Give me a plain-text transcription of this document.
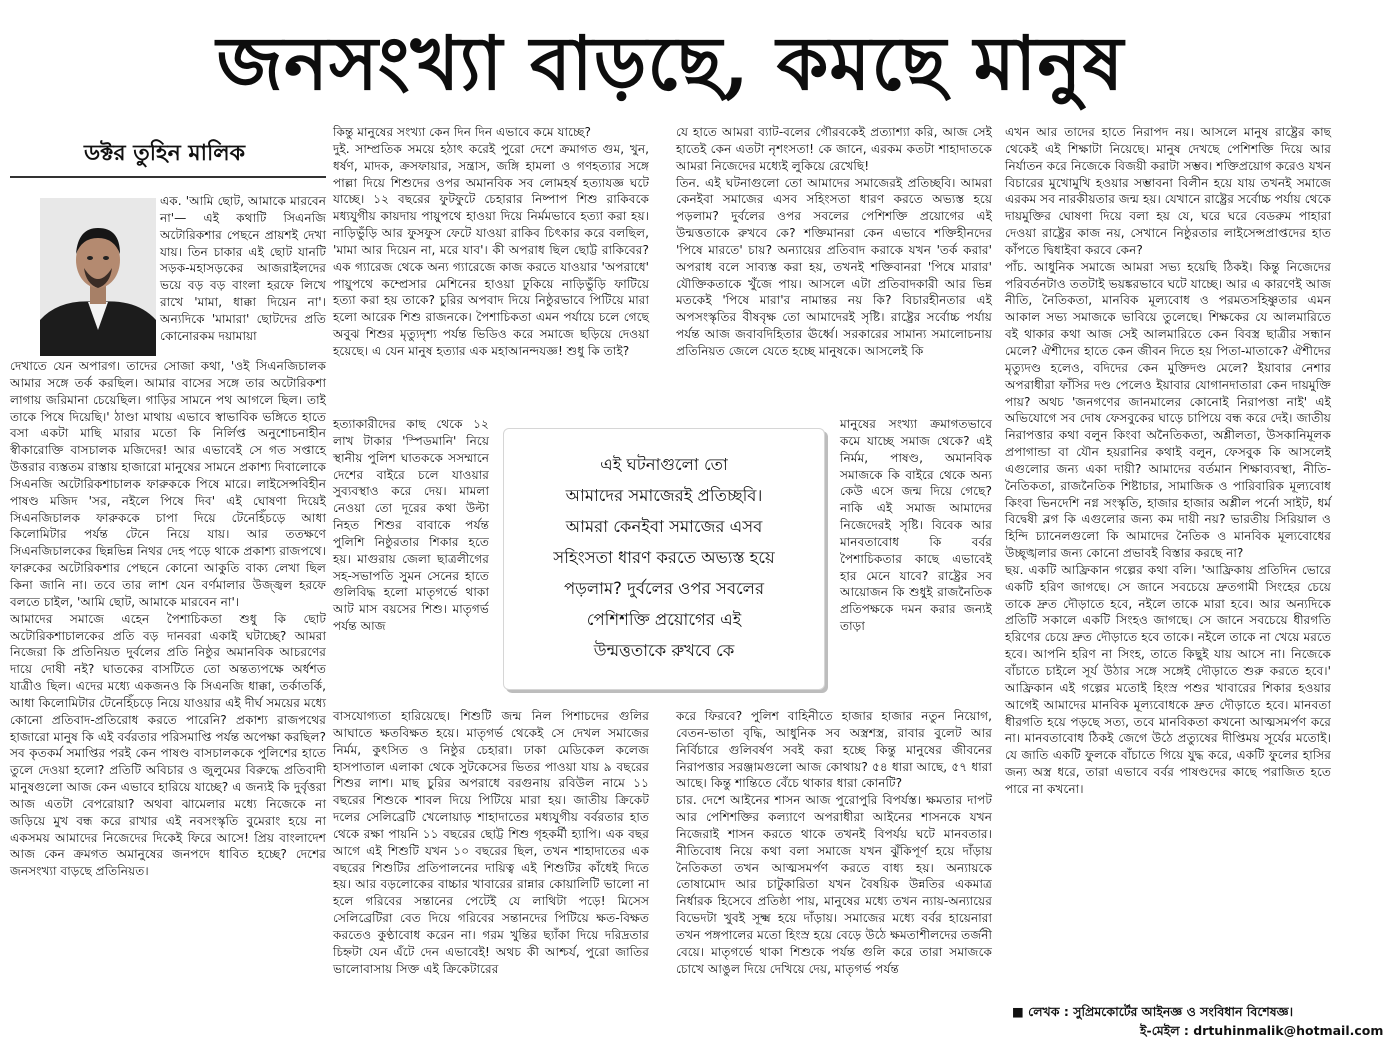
জনসংখ্যা বাড়ছে, কমছে মানুষ
ডক্টর তুহিন মালিক
এক. 'আমি ছোট, আমাকে মারবেন না'— এই কথাটি সিএনজি অটোরিকশার পেছনে প্রায়শই দেখা যায়। তিন চাকার এই ছোট যানটি সড়ক-মহাসড়কের আজরাইলদের ভয়ে বড় বড় বাংলা হরফে লিখে রাখে 'মামা, ধাক্কা দিয়েন না'। অন্যদিকে 'মামারা' ছোটদের প্রতি কোনোরকম দয়ামায়া
দেখাতে যেন অপারগ। তাদের সোজা কথা, 'ওই সিএনজিচালক আমার সঙ্গে তর্ক করছিল। আমার বাসের সঙ্গে তার অটোরিকশা লাগায় জরিমানা চেয়েছিল। গাড়ির সামনে পথ আগলে ছিল। তাই তাকে পিষে দিয়েছি।' ঠাণ্ডা মাথায় এভাবে স্বাভাবিক ভঙ্গিতে হাতে বসা একটা মাছি মারার মতো কি নির্লিপ্ত অনুশোচনাহীন স্বীকারোক্তি বাসচালক মজিদের! আর এভাবেই সে গত সপ্তাহে উত্তরার ব্যস্ততম রাস্তায় হাজারো মানুষের সামনে প্রকাশ্য দিবালোকে সিএনজি অটোরিকশাচালক ফারুককে পিষে মারে। লাইসেন্সবিহীন পাষণ্ড মজিদ 'সর, নইলে পিষে দিব' এই ঘোষণা দিয়েই সিএনজিচালক ফারুককে চাপা দিয়ে টেনেহিঁচড়ে আধা কিলোমিটার পর্যন্ত টেনে নিয়ে যায়। আর ততক্ষণে সিএনজিচালকের ছিন্নভিন্ন নিথর দেহ পড়ে থাকে প্রকাশ্য রাজপথে। ফারুকের অটোরিকশার পেছনে কোনো আকুতি বাক্য লেখা ছিল কিনা জানি না। তবে তার লাশ যেন বর্ণমালার উজ্জ্বল হরফে বলতে চাইল, 'আমি ছোট, আমাকে মারবেন না'।
আমাদের সমাজে এহেন পৈশাচিকতা শুধু কি ছোট অটোরিকশাচালকের প্রতি বড় দানবরা একাই ঘটাচ্ছে? আমরা নিজেরা কি প্রতিনিয়ত দুর্বলের প্রতি নিষ্ঠুর অমানবিক আচরণের দায়ে দোষী নই? ঘাতকের বাসটিতে তো অন্তত্যপক্ষে অর্ধশত যাত্রীও ছিল। এদের মধ্যে একজনও কি সিএনজি ধাক্কা, তর্কাতর্কি, আধা কিলোমিটার টেনেহিঁচড়ে নিয়ে যাওয়ার এই দীর্ঘ সময়ের মধ্যে কোনো প্রতিবাদ-প্রতিরোধ করতে পারেনি? প্রকাশ্য রাজপথের হাজারো মানুষ কি এই বর্বরতার পরিসমাপ্তি পর্যন্ত অপেক্ষা করছিল? সব কৃতকর্ম সমাপ্তির পরই কেন পাষণ্ড বাসচালককে পুলিশের হাতে তুলে দেওয়া হলো? প্রতিটি অবিচার ও জুলুমের বিরুদ্ধে প্রতিবাদী মানুষগুলো আজ কেন এভাবে হারিয়ে যাচ্ছে? এ জন্যই কি দুর্বৃত্তরা আজ এতটা বেপরোয়া? অথবা ঝামেলার মধ্যে নিজেকে না জড়িয়ে মুখ বন্ধ করে রাখার এই নবসংস্কৃতি বুমেরাং হয়ে না একসময় আমাদের নিজেদের দিকেই ফিরে আসে! প্রিয় বাংলাদেশ আজ কেন ক্রমগত অমানুষের জনপদে ধাবিত হচ্ছে? দেশের জনসংখ্যা বাড়ছে প্রতিনিয়ত।
কিন্তু মানুষের সংখ্যা কেন দিন দিন এভাবে কমে যাচ্ছে?
দুই. সাম্প্রতিক সময়ে হঠাৎ করেই পুরো দেশে ক্রমাগত গুম, খুন, ধর্ষণ, মাদক, ক্রসফায়ার, সন্ত্রাস, জঙ্গি হামলা ও গণহত্যার সঙ্গে পাল্লা দিয়ে শিশুদের ওপর অমানবিক সব লোমহর্ষ হত্যাযজ্ঞ ঘটে যাচ্ছে। ১২ বছরের ফুটফুটে চেহারার নিষ্পাপ শিশু রাকিবকে মধ্যযুগীয় কায়দায় পায়ুপথে হাওয়া দিয়ে নির্মমভাবে হত্যা করা হয়। নাড়িভুঁড়ি আর ফুসফুস ফেটে যাওয়া রাকিব চিৎকার করে বলছিল, 'মামা আর দিয়েন না, মরে যাব'। কী অপরাধ ছিল ছোট্ট রাকিবের? এক গ্যারেজ থেকে অন্য গ্যারেজে কাজ করতে যাওয়ার 'অপরাধে' পায়ুপথে কম্প্রেসার মেশিনের হাওয়া ঢুকিয়ে নাড়িভুঁড়ি ফাটিয়ে হত্যা করা হয় তাকে? চুরির অপবাদ দিয়ে নিষ্ঠুরভাবে পিটিয়ে মারা হলো আরেক শিশু রাজনকে। পৈশাচিকতা এমন পর্যায়ে চলে গেছে অবুঝ শিশুর মৃত্যুদৃশ্য পর্যন্ত ভিডিও করে সমাজে ছড়িয়ে দেওয়া হয়েছে। এ যেন মানুষ হত্যার এক মহাআনন্দযজ্ঞ! শুধু কি তাই?
হত্যাকারীদের কাছ থেকে ১২ লাখ টাকার 'স্পিডমানি' নিয়ে স্থানীয় পুলিশ ঘাতককে সসম্মানে দেশের বাইরে চলে যাওয়ার সুব্যবস্থাও করে দেয়। মামলা নেওয়া তো দূরের কথা উল্টা নিহত শিশুর বাবাকে পর্যন্ত পুলিশি নিষ্ঠুরতার শিকার হতে হয়। মাগুরায় জেলা ছাত্রলীগের সহ-সভাপতি সুমন সেনের হাতে গুলিবিদ্ধ হলো মাতৃগর্ভে থাকা আট মাস বয়সের শিশু। মাতৃগর্ভ পর্যন্ত আজ
বাসযোগ্যতা হারিয়েছে। শিশুটি জন্ম নিল পিশাচদের গুলির আঘাতে ক্ষতবিক্ষত হয়ে। মাতৃগর্ভ থেকেই সে দেখল সমাজের নির্মম, কুৎসিত ও নিষ্ঠুর চেহারা। ঢাকা মেডিকেল কলেজ হাসপাতাল এলাকা থেকে সুটকেসের ভিতর পাওয়া যায় ৯ বছরের শিশুর লাশ। মাছ চুরির অপরাধে বরগুনায় রবিউল নামে ১১ বছরের শিশুকে শাবল দিয়ে পিটিয়ে মারা হয়। জাতীয় ক্রিকেট দলের সেলিব্রেটি খেলোয়াড় শাহাদাতের মধ্যযুগীয় বর্বরতার হাত থেকে রক্ষা পায়নি ১১ বছরের ছোট্ট শিশু গৃহকর্মী হ্যাপি। এক বছর আগে এই শিশুটি যখন ১০ বছরের ছিল, তখন শাহাদাতের এক বছরের শিশুটির প্রতিপালনের দায়িত্ব এই শিশুটির কাঁধেই দিতে হয়। আর বড়লোকের বাচ্চার খাবারের রান্নার কোয়ালিটি ভালো না হলে গরিবের সন্তানের পেটেই যে লাথিটা পড়ে! মিসেস সেলিব্রেটিরা বেত দিয়ে গরিবের সন্তানদের পিটিয়ে ক্ষত-বিক্ষত করতেও কুণ্ঠাবোধ করেন না। গরম খুন্তির ছ্যাঁকা দিয়ে দরিদ্রতার চিহ্নটা যেন এঁটে দেন এভাবেই! অথচ কী আশ্চর্য, পুরো জাতির ভালোবাসায় সিক্ত এই ক্রিকেটারের
যে হাতে আমরা ব্যাট-বলের গৌরবকেই প্রত্যাশ্যা করি, আজ সেই হাতেই কেন এতটা নৃশংসতা! কে জানে, এরকম কতটা শাহাদাতকে আমরা নিজেদের মধ্যেই লুকিয়ে রেখেছি!
তিন. এই ঘটনাগুলো তো আমাদের সমাজেরই প্রতিচ্ছবি। আমরা কেনইবা সমাজের এসব সহিংসতা ধারণ করতে অভ্যস্ত হয়ে পড়লাম? দুর্বলের ওপর সবলের পেশিশক্তি প্রয়োগের এই উন্মত্ততাকে রুখবে কে? শক্তিমানরা কেন এভাবে শক্তিহীনদের 'পিষে মারতে' চায়? অন্যায়ের প্রতিবাদ করাকে যখন 'তর্ক করার' অপরাধ বলে সাব্যস্ত করা হয়, তখনই শক্তিবানরা 'পিষে মারার' যৌক্তিকতাকে খুঁজে পায়। আসলে এটা প্রতিবাদকারী আর ভিন্ন মতকেই 'পিষে মারা'র নামান্তর নয় কি? বিচারহীনতার এই অপসংস্কৃতির বীষবৃক্ষ তো আমাদেরই সৃষ্টি। রাষ্ট্রের সর্বোচ্চ পর্যায় পর্যন্ত আজ জবাবদিহিতার ঊর্ধ্বে। সরকারের সামান্য সমালোচনায় প্রতিনিয়ত জেলে যেতে হচ্ছে মানুষকে। আসলেই কি
মানুষের সংখ্যা ক্রমাগতভাবে কমে যাচ্ছে সমাজ থেকে? এই নির্মম, পাষণ্ড, অমানবিক সমাজকে কি বাইরে থেকে অন্য কেউ এসে জন্ম দিয়ে গেছে? নাকি এই সমাজ আমাদের নিজেদেরই সৃষ্টি। বিবেক আর মানবতাবোধ কি বর্বর পৈশাচিকতার কাছে এভাবেই হার মেনে যাবে? রাষ্ট্রের সব আয়োজন কি শুধুই রাজনৈতিক প্রতিপক্ষকে দমন করার জন্যই তাড়া
করে ফিরবে? পুলিশ বাহিনীতে হাজার হাজার নতুন নিয়োগ, বেতন-ভাতা বৃদ্ধি, আধুনিক সব অস্ত্রশস্ত্র, রাবার বুলেট আর নির্বিচারে গুলিবর্ষণ সবই করা হচ্ছে কিন্তু মানুষের জীবনের নিরাপত্তার সরঞ্জামগুলো আজ কোথায়? ৫৪ ধারা আছে, ৫৭ ধারা আছে। কিন্তু শান্তিতে বেঁচে থাকার ধারা কোনটি?
চার. দেশে আইনের শাসন আজ পুরোপুরি বিপর্যস্ত। ক্ষমতার দাপট আর পেশিশক্তির কল্যাণে অপরাধীরা আইনের শাসনকে যখন নিজেরাই শাসন করতে থাকে তখনই বিপর্যয় ঘটে মানবতার। নীতিবোধ নিয়ে কথা বলা সমাজে যখন ঝুঁকিপূর্ণ হয়ে দাঁড়ায় নৈতিকতা তখন আত্মসমর্পণ করতে বাধ্য হয়। অন্যায়কে তোষামোদ আর চাটুকারিতা যখন বৈষয়িক উন্নতির একমাত্র নির্ধারক হিসেবে প্রতিষ্ঠা পায়, মানুষের মধ্যে তখন ন্যায়-অন্যায়ের বিভেদটা খুবই সূক্ষ্ম হয়ে দাঁড়ায়। সমাজের মধ্যে বর্বর হায়েনারা তখন পঙ্গপালের মতো হিংস্র হয়ে বেড়ে উঠে ক্ষমতাশীলদের তর্জনী বেয়ে। মাতৃগর্ভে থাকা শিশুকে পর্যন্ত গুলি করে তারা সমাজকে চোখে আঙুল দিয়ে দেখিয়ে দেয়, মাতৃগর্ভ পর্যন্ত
এখন আর তাদের হাতে নিরাপদ নয়। আসলে মানুষ রাষ্ট্রের কাছ থেকেই এই শিক্ষাটা নিয়েছে। মানুষ দেখছে পেশিশক্তি দিয়ে আর নির্যাতন করে নিজেকে বিজয়ী করাটা সম্ভব। শক্তিপ্রয়োগ করেও যখন বিচারের মুখোমুখি হওয়ার সম্ভাবনা বিলীন হয়ে যায় তখনই সমাজে এরকম সব নারকীয়তার জন্ম হয়। যেখানে রাষ্ট্রের সর্বোচ্চ পর্যায় থেকে দায়মুক্তির ঘোষণা দিয়ে বলা হয় যে, ঘরে ঘরে বেডরুম পাহারা দেওয়া রাষ্ট্রের কাজ নয়, সেখানে নিষ্ঠুরতার লাইসেন্সপ্রাপ্তদের হাত কাঁপতে দ্বিধাইবা করবে কেন?
পাঁচ. আধুনিক সমাজে আমরা সভ্য হয়েছি ঠিকই। কিন্তু নিজেদের পরিবর্তনটাও ততটাই ভয়ঙ্করভাবে ঘটে যাচ্ছে। আর এ কারণেই আজ নীতি, নৈতিকতা, মানবিক মূল্যবোধ ও পরমতসহিষ্ণুতার এমন আকাল সভ্য সমাজকে ভাবিয়ে তুলেছে। শিক্ষকের যে আলমারিতে বই থাকার কথা আজ সেই আলমারিতে কেন বিবস্ত্র ছাত্রীর সন্ধান মেলে? ঐশীদের হাতে কেন জীবন দিতে হয় পিতা-মাতাকে? ঐশীদের মৃত্যুদণ্ড হলেও, বদিদের কেন মুক্তিদণ্ড মেলে? ইয়াবার নেশার অপরাধীরা ফাঁসির দণ্ড পেলেও ইয়াবার যোগানদাতারা কেন দায়মুক্তি পায়? অথচ 'জনগণের জানমালের কোনোই নিরাপত্তা নাই' এই অভিযোগে সব দোষ ফেসবুকের ঘাড়ে চাপিয়ে বন্ধ করে দেই। জাতীয় নিরাপত্তার কথা বলুন কিংবা অনৈতিকতা, অশ্লীলতা, উসকানিমূলক প্রপাগান্ডা বা যৌন হয়রানির কথাই বলুন, ফেসবুক কি আসলেই এগুলোর জন্য একা দায়ী? আমাদের বর্তমান শিক্ষাব্যবস্থা, নীতি-নৈতিকতা, রাজনৈতিক শিষ্টাচার, সামাজিক ও পারিবারিক মূল্যবোধ কিংবা ভিনদেশি নগ্ন সংস্কৃতি, হাজার হাজার অশ্লীল পর্নো সাইট, ধর্ম বিদ্বেষী ব্লগ কি এগুলোর জন্য কম দায়ী নয়? ভারতীয় সিরিয়াল ও হিন্দি চ্যানেলগুলো কি আমাদের নৈতিক ও মানবিক মূল্যবোধের উচ্ছৃঙ্খলার জন্য কোনো প্রভাবই বিস্তার করছে না?
ছয়. একটি আফ্রিকান গল্পের কথা বলি। 'আফ্রিকায় প্রতিদিন ভোরে একটি হরিণ জাগছে। সে জানে সবচেয়ে দ্রুতগামী সিংহের চেয়ে তাকে দ্রুত দৌড়াতে হবে, নইলে তাকে মারা হবে। আর অন্যদিকে প্রতিটি সকালে একটি সিংহও জাগছে। সে জানে সবচেয়ে ধীরগতি হরিণের চেয়ে দ্রুত দৌড়াতে হবে তাকে। নইলে তাকে না খেয়ে মরতে হবে। আপনি হরিণ না সিংহ, তাতে কিছুই যায় আসে না। নিজেকে বাঁচাতে চাইলে সূর্য উঠার সঙ্গে সঙ্গেই দৌড়াতে শুরু করতে হবে।' আফ্রিকান এই গল্পের মতোই হিংস্র পশুর খাবারের শিকার হওয়ার আগেই আমাদের মানবিক মূল্যবোধকে দ্রুত দৌড়াতে হবে। মানবতা ধীরগতি হয়ে পড়ছে সত্য, তবে মানবিকতা কখনো আত্মসমর্পণ করে না। মানবতাবোধ ঠিকই জেগে উঠে প্রত্যুষের দীপ্তিময় সূর্যের মতোই। যে জাতি একটি ফুলকে বাঁচাতে গিয়ে যুদ্ধ করে, একটি ফুলের হাসির জন্য অস্ত্র ধরে, তারা এভাবে বর্বর পাষণ্ডদের কাছে পরাজিত হতে পারে না কখনো।
এই ঘটনাগুলো তো
আমাদের সমাজেরই প্রতিচ্ছবি।
আমরা কেনইবা সমাজের এসব
সহিংসতা ধারণ করতে অভ্যস্ত হয়ে
পড়লাম? দুর্বলের ওপর সবলের
পেশিশক্তি প্রয়োগের এই
উন্মত্ততাকে রুখবে কে
■ লেখক : সুপ্রিমকোর্টের আইনজ্ঞ ও সংবিধান বিশেষজ্ঞ।
ই-মেইল : drtuhinmalik@hotmail.com
